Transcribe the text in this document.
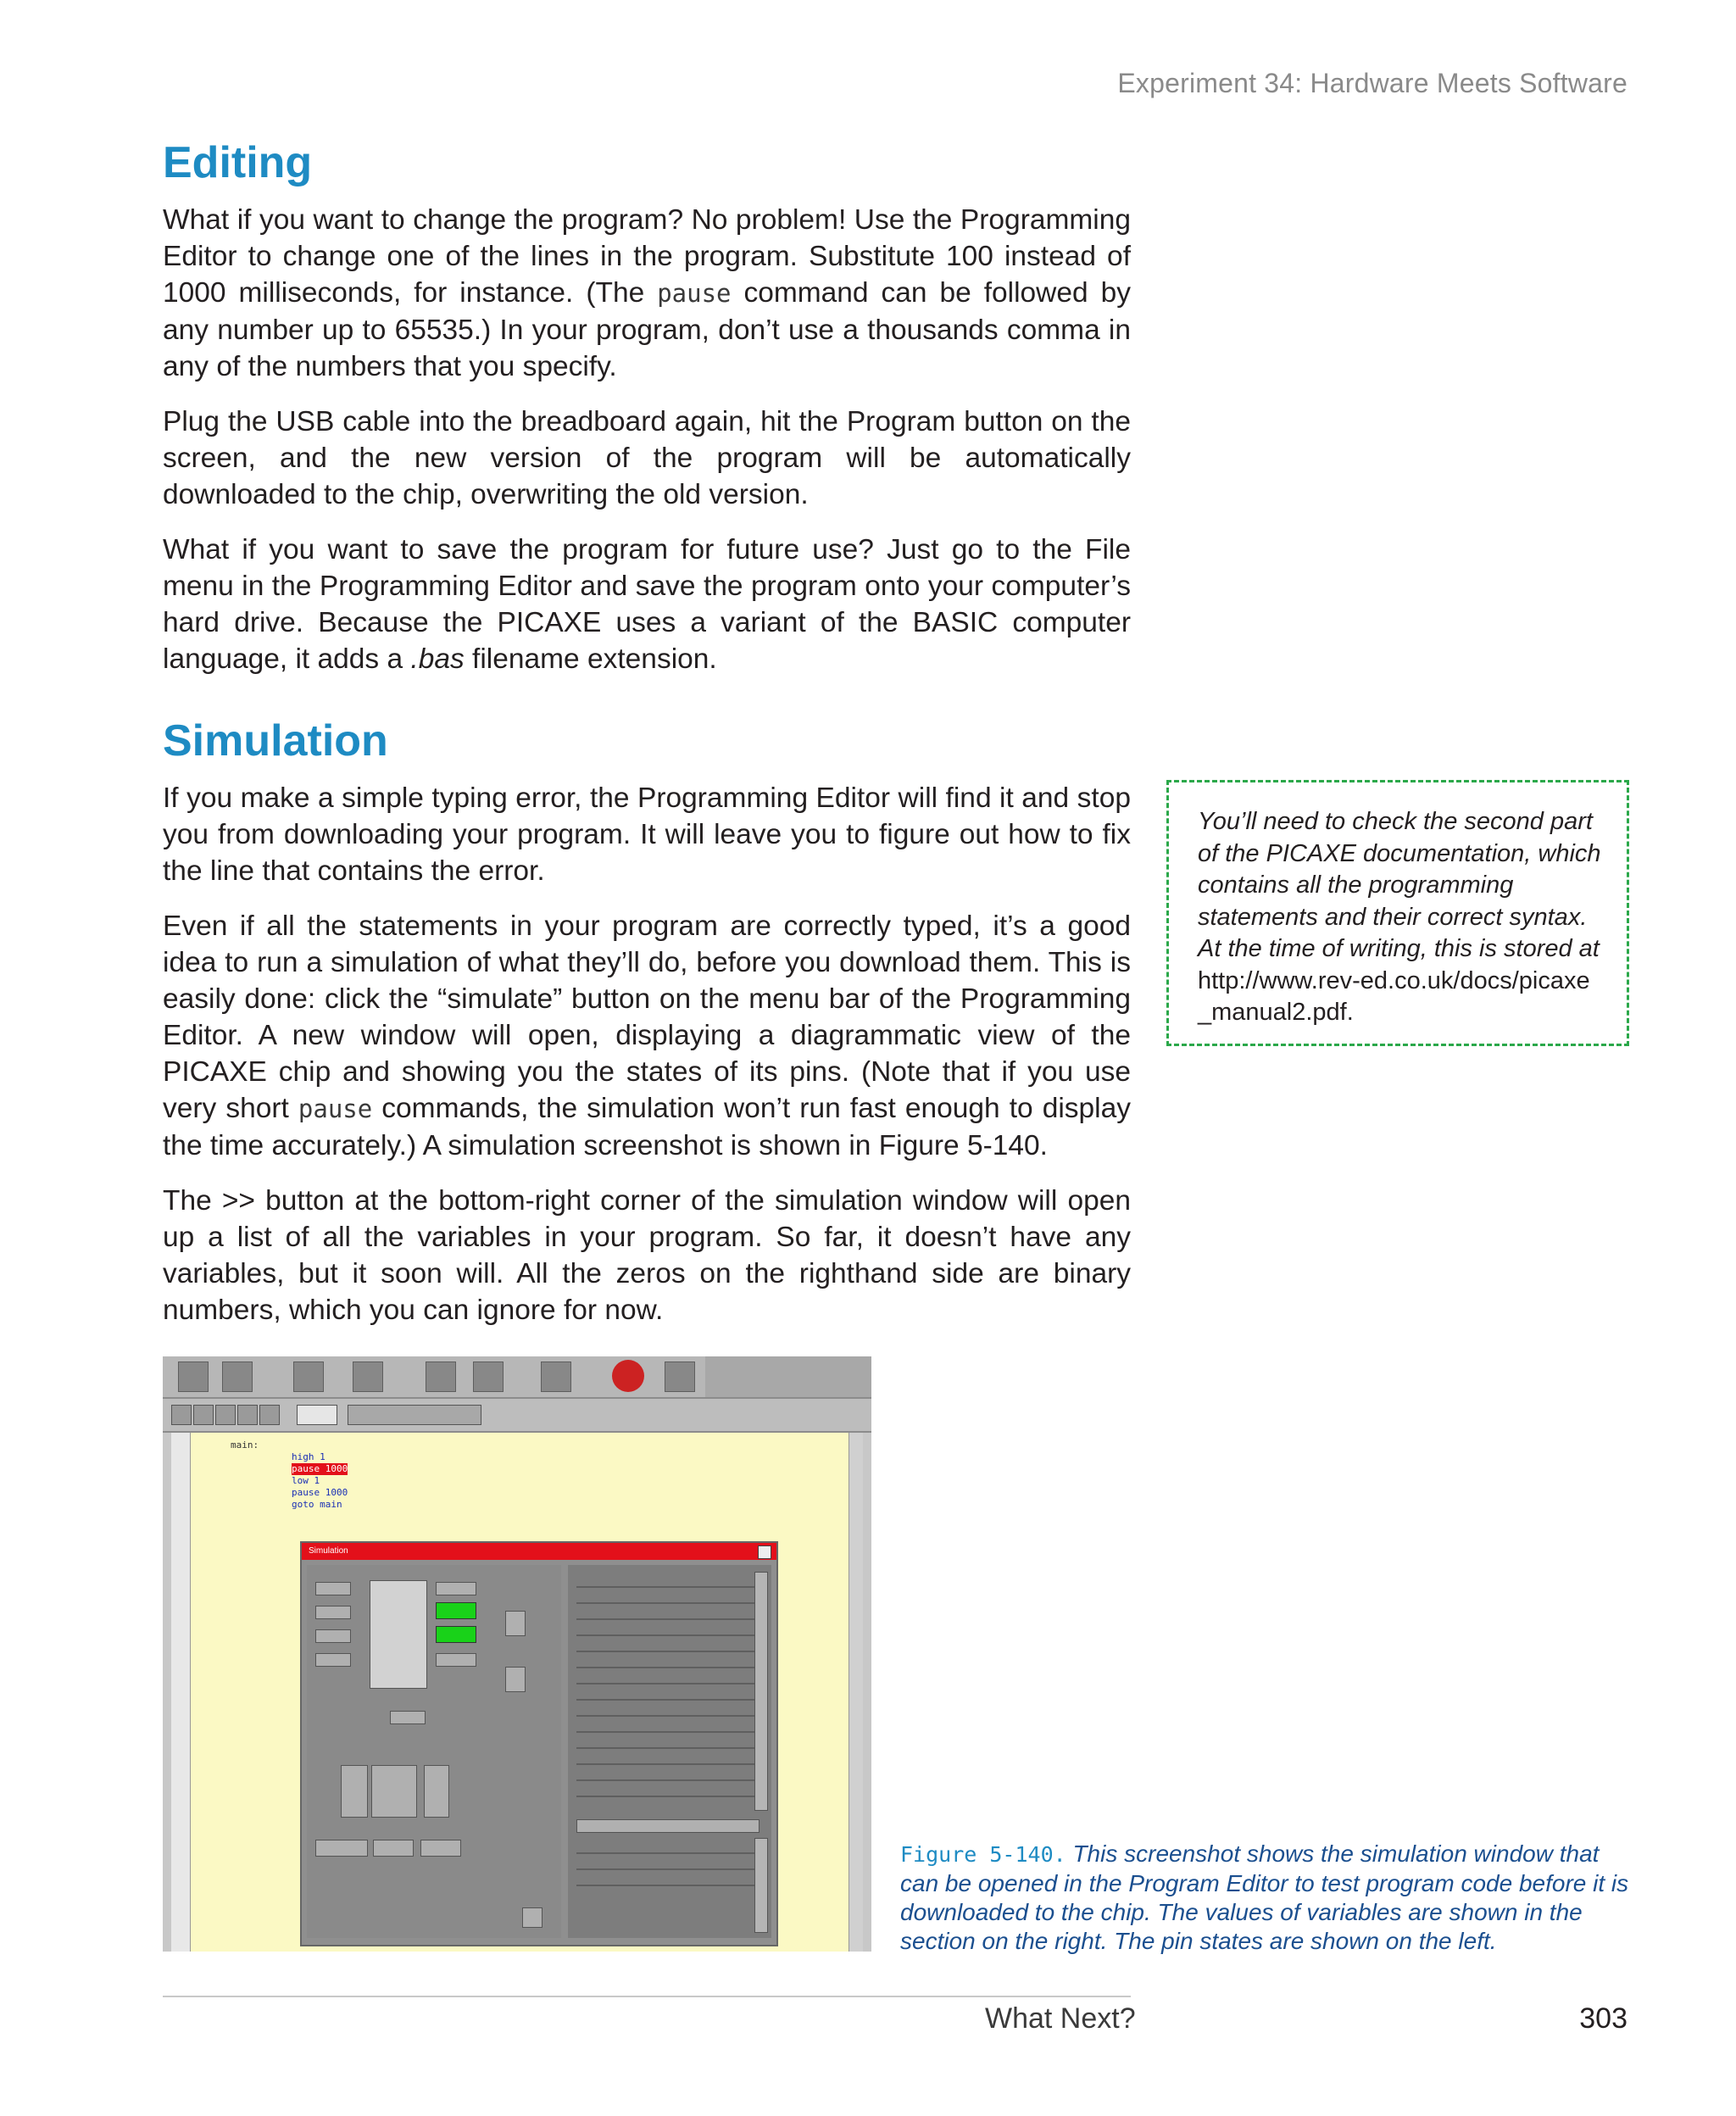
Experiment 34: Hardware Meets Software
Editing

What if you want to change the program? No problem! Use the Programming Editor to change one of the lines in the program. Substitute 100 instead of 1000 milliseconds, for instance. (The pause command can be followed by any number up to 65535.) In your program, don’t use a thousands comma in any of the numbers that you specify.

Plug the USB cable into the breadboard again, hit the Program button on the screen, and the new version of the program will be automatically downloaded to the chip, overwriting the old version.

What if you want to save the program for future use? Just go to the File menu in the Programming Editor and save the program onto your computer’s hard drive. Because the PICAXE uses a variant of the BASIC computer language, it adds a .bas filename extension.

Simulation

If you make a simple typing error, the Programming Editor will find it and stop you from downloading your program. It will leave you to figure out how to fix the line that contains the error.

Even if all the statements in your program are correctly typed, it’s a good idea to run a simulation of what they’ll do, before you download them. This is easily done: click the “simulate” button on the menu bar of the Programming Editor. A new window will open, displaying a diagrammatic view of the PICAXE chip and showing you the states of its pins. (Note that if you use very short pause commands, the simulation won’t run fast enough to display the time accurately.) A simulation screenshot is shown in Figure 5-140.

The >> button at the bottom-right corner of the simulation window will open up a list of all the variables in your program. So far, it doesn’t have any variables, but it soon will. All the zeros on the righthand side are binary numbers, which you can ignore for now.

You’ll need to check the second part of the PICAXE documentation, which contains all the programming statements and their correct syntax. At the time of writing, this is stored at http://www.rev-ed.co.uk/docs/picaxe_manual2.pdf.
main:
high 1
pause 1000
low 1
pause 1000
goto main
Simulation
Figure 5-140. This screenshot shows the simulation window that can be opened in the Program Editor to test program code before it is downloaded to the chip. The values of variables are shown in the section on the right. The pin states are shown on the left.
What Next?	303
